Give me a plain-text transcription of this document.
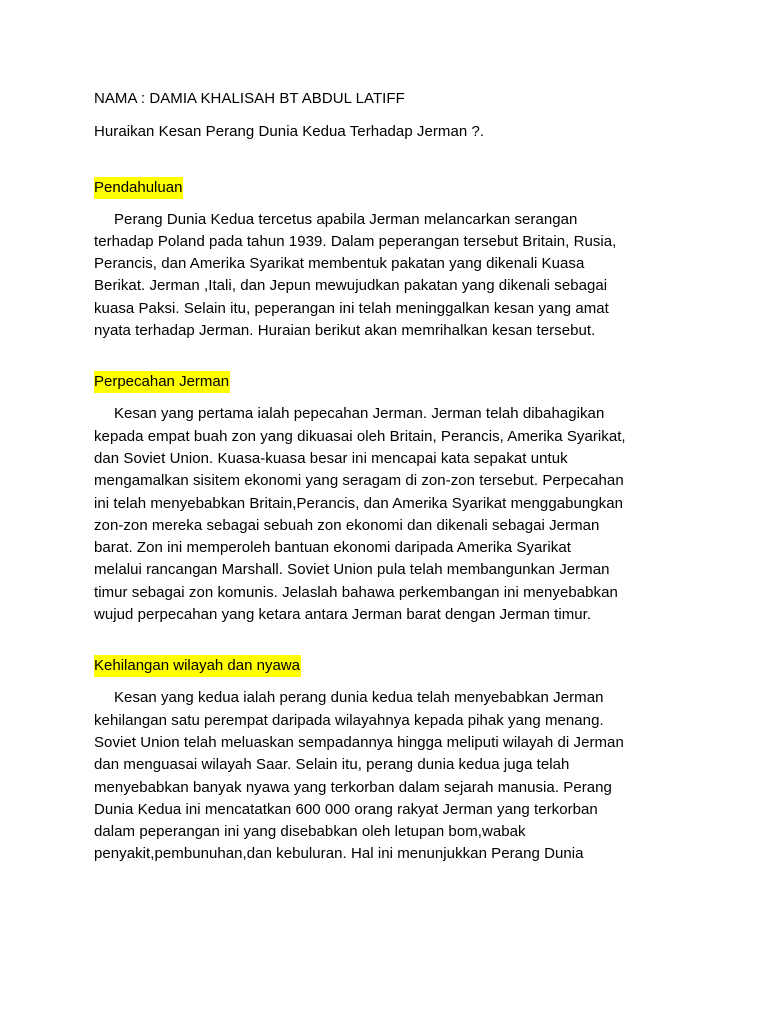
NAMA : DAMIA KHALISAH BT ABDUL LATIFF
Huraikan Kesan Perang Dunia Kedua Terhadap Jerman ?.
Pendahuluan
Perang Dunia Kedua tercetus apabila Jerman melancarkan serangan
terhadap Poland pada tahun 1939. Dalam peperangan tersebut Britain, Rusia,
Perancis, dan Amerika Syarikat membentuk pakatan yang dikenali Kuasa
Berikat. Jerman ,Itali, dan Jepun mewujudkan pakatan yang dikenali sebagai
kuasa Paksi. Selain itu, peperangan ini telah meninggalkan kesan yang amat
nyata terhadap Jerman. Huraian berikut akan memrihalkan kesan tersebut.
Perpecahan Jerman
Kesan yang pertama ialah pepecahan Jerman. Jerman telah dibahagikan
kepada empat buah zon yang dikuasai oleh Britain, Perancis, Amerika Syarikat,
dan Soviet Union. Kuasa-kuasa besar ini mencapai kata sepakat untuk
mengamalkan sisitem ekonomi yang seragam di zon-zon tersebut. Perpecahan
ini telah menyebabkan Britain,Perancis, dan Amerika Syarikat menggabungkan
zon-zon mereka sebagai sebuah zon ekonomi dan dikenali sebagai Jerman
barat. Zon ini memperoleh bantuan ekonomi daripada Amerika Syarikat
melalui rancangan Marshall. Soviet Union pula telah membangunkan Jerman
timur sebagai zon komunis. Jelaslah bahawa perkembangan ini menyebabkan
wujud perpecahan yang ketara antara Jerman barat dengan Jerman timur.
Kehilangan wilayah dan nyawa
Kesan yang kedua ialah perang dunia kedua telah menyebabkan Jerman
kehilangan satu perempat daripada wilayahnya kepada pihak yang menang.
Soviet Union telah meluaskan sempadannya hingga meliputi wilayah di Jerman
dan menguasai wilayah Saar. Selain itu, perang dunia kedua juga telah
menyebabkan banyak nyawa yang terkorban dalam sejarah manusia. Perang
Dunia Kedua ini mencatatkan 600 000 orang rakyat Jerman yang terkorban
dalam peperangan ini yang disebabkan oleh letupan bom,wabak
penyakit,pembunuhan,dan kebuluran. Hal ini menunjukkan Perang Dunia
